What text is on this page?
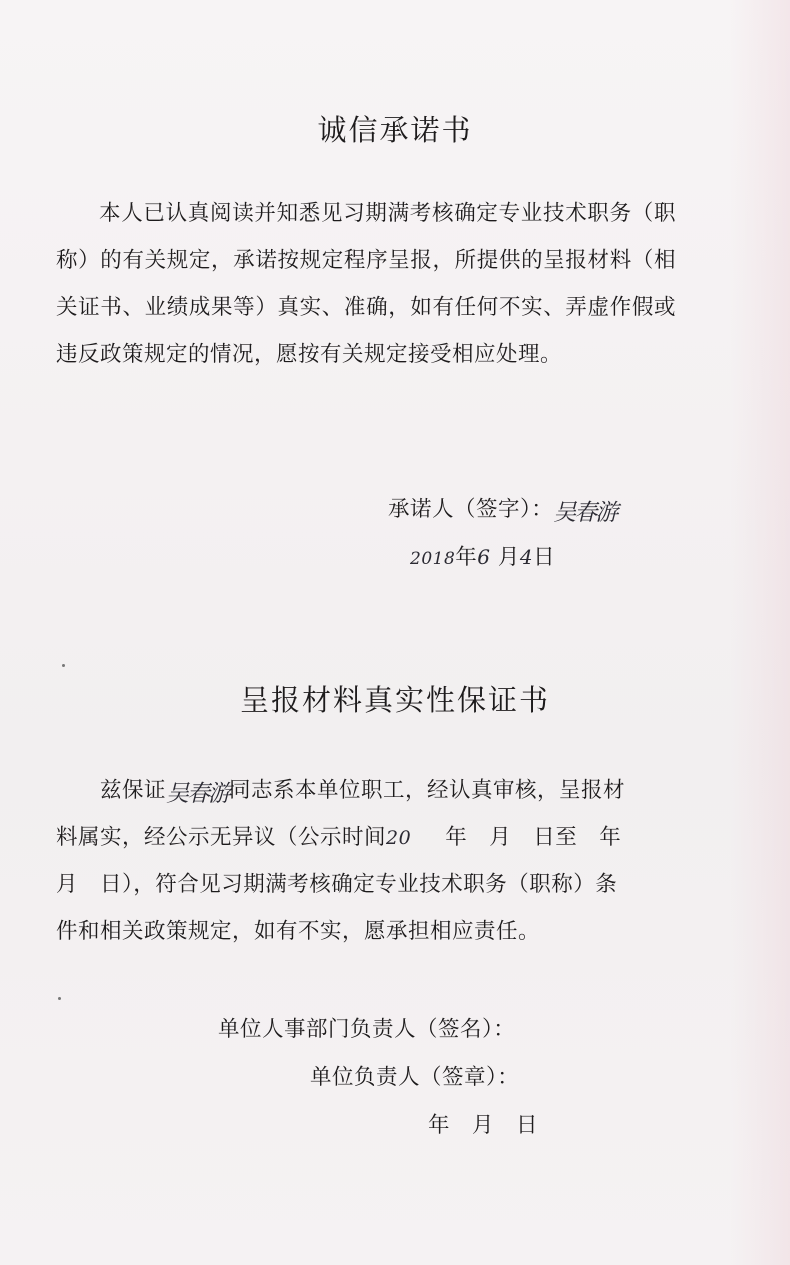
诚信承诺书

本人已认真阅读并知悉见习期满考核确定专业技术职务（职称）的有关规定，承诺按规定程序呈报，所提供的呈报材料（相关证书、业绩成果等）真实、准确，如有任何不实、弄虚作假或违反政策规定的情况，愿按有关规定接受相应处理。

承诺人（签字）：吴春游
2018年6 月4日
呈报材料真实性保证书
兹保证吴春游同志系本单位职工，经认真审核，呈报材
料属实，经公示无异议（公示时间20 年　月　日至　年
月　日），符合见习期满考核确定专业技术职务（职称）条
件和相关政策规定，如有不实，愿承担相应责任。
单位人事部门负责人（签名）：
单位负责人（签章）：
年　月　日
